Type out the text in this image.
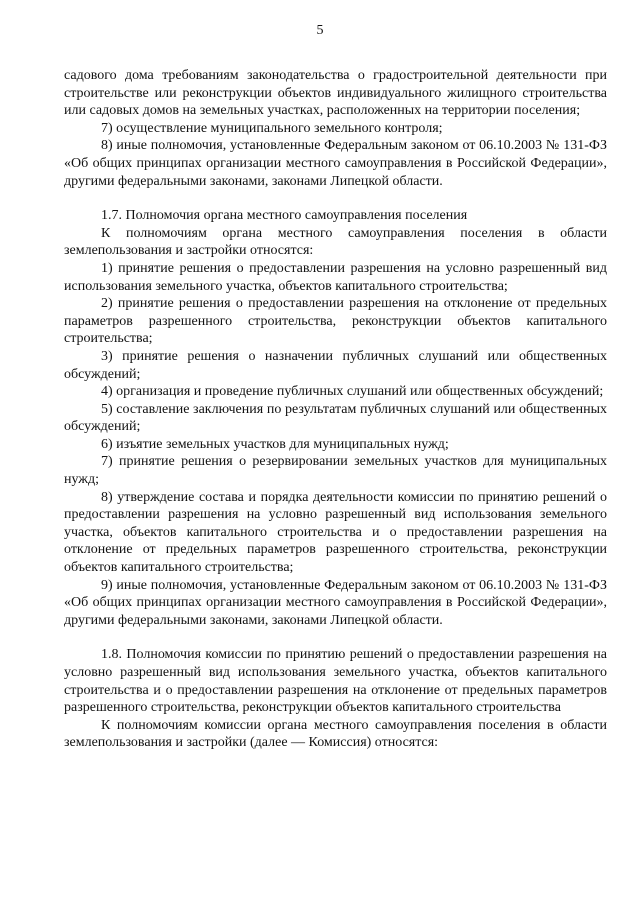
5

садового дома требованиям законодательства о градостроительной деятельности при строительстве или реконструкции объектов индивидуального жилищного строительства или садовых домов на земельных участках, расположенных на территории поселения;

7) осуществление муниципального земельного контроля;

8) иные полномочия, установленные Федеральным законом от 06.10.2003 № 131-ФЗ «Об общих принципах организации местного самоуправления в Российской Федерации», другими федеральными законами, законами Липецкой области.

1.7. Полномочия органа местного самоуправления поселения

К полномочиям органа местного самоуправления поселения в области землепользования и застройки относятся:

1) принятие решения о предоставлении разрешения на условно разрешенный вид использования земельного участка, объектов капитального строительства;

2) принятие решения о предоставлении разрешения на отклонение от предельных параметров разрешенного строительства, реконструкции объектов капитального строительства;

3) принятие решения о назначении публичных слушаний или общественных обсуждений;

4) организация и проведение публичных слушаний или общественных обсуждений;

5) составление заключения по результатам публичных слушаний или общественных обсуждений;

6) изъятие земельных участков для муниципальных нужд;

7) принятие решения о резервировании земельных участков для муниципальных нужд;

8) утверждение состава и порядка деятельности комиссии по принятию решений о предоставлении разрешения на условно разрешенный вид использования земельного участка, объектов капитального строительства и о предоставлении разрешения на отклонение от предельных параметров разрешенного строительства, реконструкции объектов капитального строительства;

9) иные полномочия, установленные Федеральным законом от 06.10.2003 № 131-ФЗ «Об общих принципах организации местного самоуправления в Российской Федерации», другими федеральными законами, законами Липецкой области.

1.8. Полномочия комиссии по принятию решений о предоставлении разрешения на условно разрешенный вид использования земельного участка, объектов капитального строительства и о предоставлении разрешения на отклонение от предельных параметров разрешенного строительства, реконструкции объектов капитального строительства

К полномочиям комиссии органа местного самоуправления поселения в области землепользования и застройки (далее — Комиссия) относятся:
